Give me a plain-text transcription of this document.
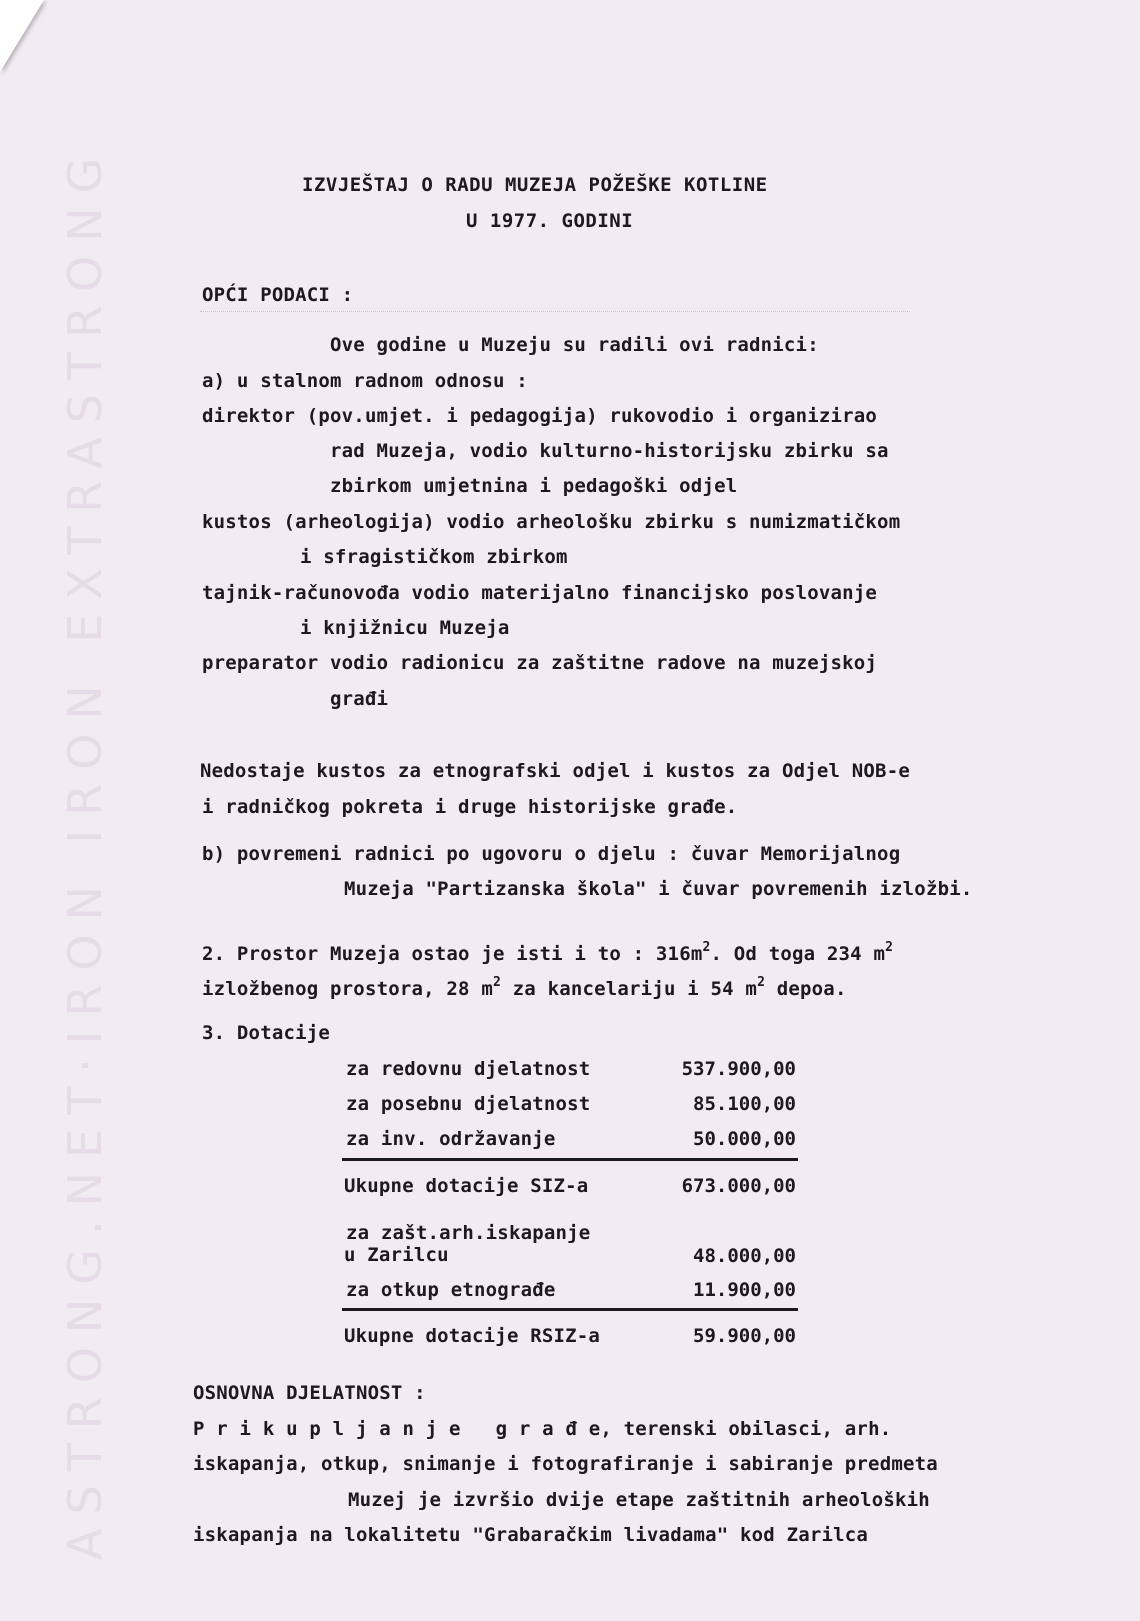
ASTRONG.NET·IRON IRON EXTRASTRONG	IZVJEŠTAJ O RADU MUZEJA POŽEŠKE KOTLINE
U 1977. GODINI
OPĆI PODACI :
Ove godine u Muzeju su radili ovi radnici:
a) u stalnom radnom odnosu :
direktor (pov.umjet. i pedagogija) rukovodio i organizirao
rad Muzeja, vodio kulturno-historijsku zbirku sa
zbirkom umjetnina i pedagoški odjel
kustos (arheologija) vodio arheološku zbirku s numizmatičkom
i sfragističkom zbirkom
tajnik-računovođa vodio materijalno financijsko poslovanje
i knjižnicu Muzeja
preparator vodio radionicu za zaštitne radove na muzejskoj
građi
Nedostaje kustos za etnografski odjel i kustos za Odjel NOB-e
i radničkog pokreta i druge historijske građe.
b) povremeni radnici po ugovoru o djelu : čuvar Memorijalnog
Muzeja "Partizanska škola" i čuvar povremenih izložbi.
2. Prostor Muzeja ostao je isti i to : $316m^2$. Od toga 234 $m^2$
izložbenog prostora, 28 $m^2$ za kancelariju i 54 $m^2$ depoa.
3. Dotacije
za redovnu djelatnost	537.900,00
za posebnu djelatnost	85.100,00
za inv. održavanje	50.000,00
Ukupne dotacije SIZ-a	673.000,00
za zašt.arh.iskapanje
u Zarilcu	48.000,00
za otkup etnograđe	11.900,00
Ukupne dotacije RSIZ-a	59.900,00
OSNOVNA DJELATNOST :
P r i k u p l j a n j e   g r a đ e, terenski obilasci, arh.
iskapanja, otkup, snimanje i fotografiranje i sabiranje predmeta
Muzej je izvršio dvije etape zaštitnih arheoloških
iskapanja na lokalitetu "Grabaračkim livadama" kod Zarilca
